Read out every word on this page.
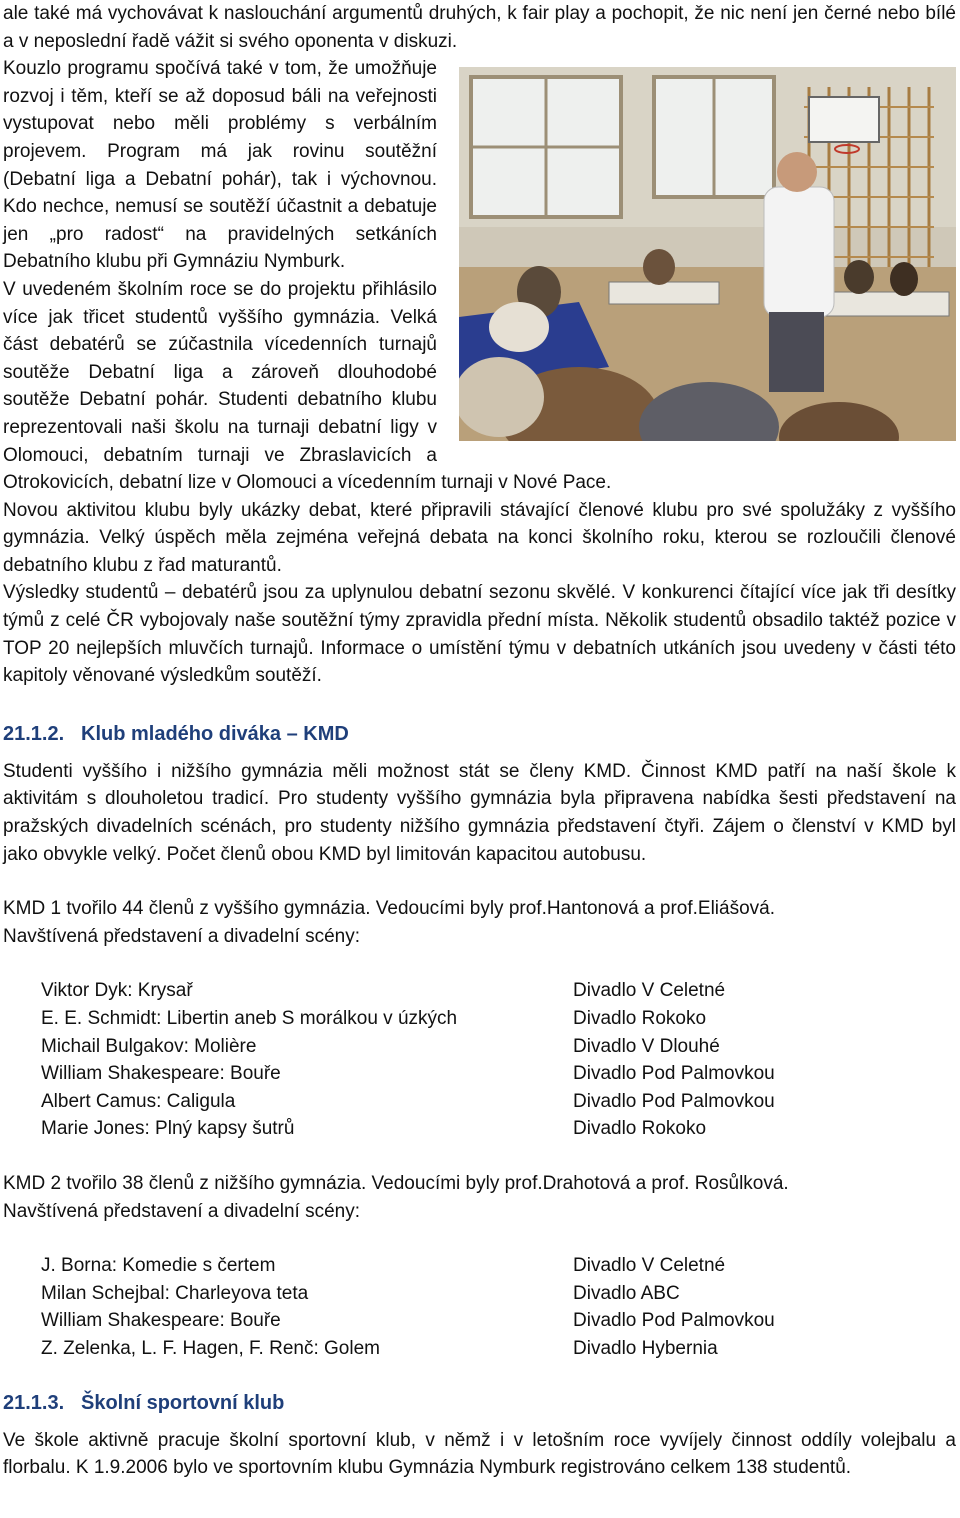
ale také má vychovávat k naslouchání argumentů druhých, k fair play a pochopit, že nic není jen černé nebo bílé a v neposlední řadě vážit si svého oponenta v diskuzi.

Kouzlo programu spočívá také v tom, že umožňuje rozvoj i těm, kteří se až doposud báli na veřejnosti vystupovat nebo měli problémy s verbálním projevem. Program má jak rovinu soutěžní (Debatní liga a Debatní pohár), tak i výchovnou. Kdo nechce, nemusí se soutěží účastnit a debatuje jen „pro radost“ na pravidelných setkáních Debatního klubu při Gymnáziu Nymburk.

V uvedeném školním roce se do projektu přihlásilo více jak třicet studentů vyššího gymnázia. Velká část debatérů se zúčastnila vícedenních turnajů soutěže Debatní liga a zároveň dlouhodobé soutěže Debatní pohár. Studenti debatního klubu reprezentovali naši školu na turnaji debatní ligy v Olomouci, debatním turnaji ve Zbraslavicích a Otrokovicích, debatní lize v Olomouci a vícedenním turnaji v Nové Pace.

Novou aktivitou klubu byly ukázky debat, které připravili stávající členové klubu pro své spolužáky z vyššího gymnázia. Velký úspěch měla zejména veřejná debata na konci školního roku, kterou se rozloučili členové debatního klubu z řad maturantů.

Výsledky studentů – debatérů jsou za uplynulou debatní sezonu skvělé. V konkurenci čítající více jak tři desítky týmů z celé ČR vybojovaly naše soutěžní týmy zpravidla přední místa. Několik studentů obsadilo taktéž pozice v TOP 20 nejlepších mluvčích turnajů. Informace o umístění týmu v debatních utkáních jsou uvedeny v části této kapitoly věnované výsledkům soutěží.

21.1.2. Klub mladého diváka – KMD

Studenti vyššího i nižšího gymnázia měli možnost stát se členy KMD. Činnost KMD patří na naší škole k aktivitám s dlouholetou tradicí. Pro studenty vyššího gymnázia byla připravena nabídka šesti představení na pražských divadelních scénách, pro studenty nižšího gymnázia představení čtyři. Zájem o členství v KMD byl jako obvykle velký. Počet členů obou KMD byl limitován kapacitou autobusu.

KMD 1 tvořilo 44 členů z vyššího gymnázia. Vedoucími byly prof.Hantonová a prof.Eliášová.

Navštívená představení a divadelní scény:

Viktor Dyk: Krysař	Divadlo V Celetné
E. E. Schmidt: Libertin aneb S morálkou v úzkých	Divadlo Rokoko
Michail Bulgakov: Molière	Divadlo V Dlouhé
William Shakespeare: Bouře	Divadlo Pod Palmovkou
Albert Camus: Caligula	Divadlo Pod Palmovkou
Marie Jones: Plný kapsy šutrů	Divadlo Rokoko

KMD 2 tvořilo 38 členů z nižšího gymnázia. Vedoucími byly prof.Drahotová a prof. Rosůlková.

Navštívená představení a divadelní scény:

J. Borna: Komedie s čertem	Divadlo V Celetné
Milan Schejbal: Charleyova teta	Divadlo ABC
William Shakespeare: Bouře	Divadlo Pod Palmovkou
Z. Zelenka, L. F. Hagen, F. Renč: Golem	Divadlo Hybernia
21.1.3. Školní sportovní klub

Ve škole aktivně pracuje školní sportovní klub, v němž i v letošním roce vyvíjely činnost oddíly volejbalu a florbalu. K 1.9.2006 bylo ve sportovním klubu Gymnázia Nymburk registrováno celkem 138 studentů.
